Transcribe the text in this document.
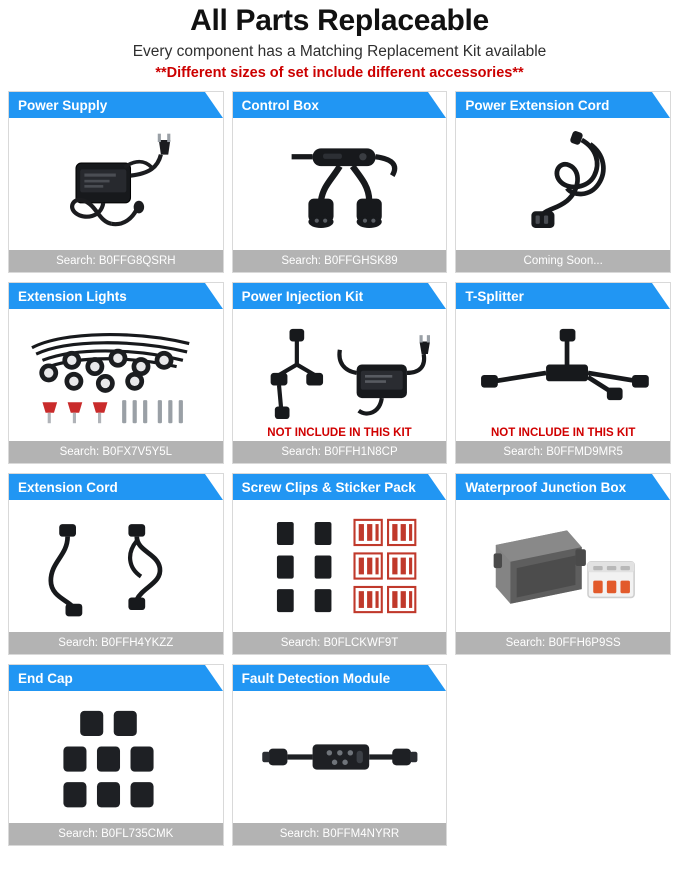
All Parts Replaceable
Every component has a Matching Replacement Kit available
**Different sizes of set include different accessories**
Power Supply
Search: B0FFG8QSRH
Control Box
Search: B0FFGHSK89
Power Extension Cord
Coming Soon...
Extension Lights
Search: B0FX7V5Y5L
Power Injection Kit
NOT INCLUDE IN THIS KIT
Search: B0FFH1N8CP
T-Splitter
NOT INCLUDE IN THIS KIT
Search: B0FFMD9MR5
Extension Cord
Search: B0FFH4YKZZ
Screw Clips & Sticker Pack
Search: B0FLCKWF9T
Waterproof Junction Box
Search: B0FFH6P9SS
End Cap
Search: B0FL735CMK
Fault Detection Module
Search: B0FFM4NYRR
